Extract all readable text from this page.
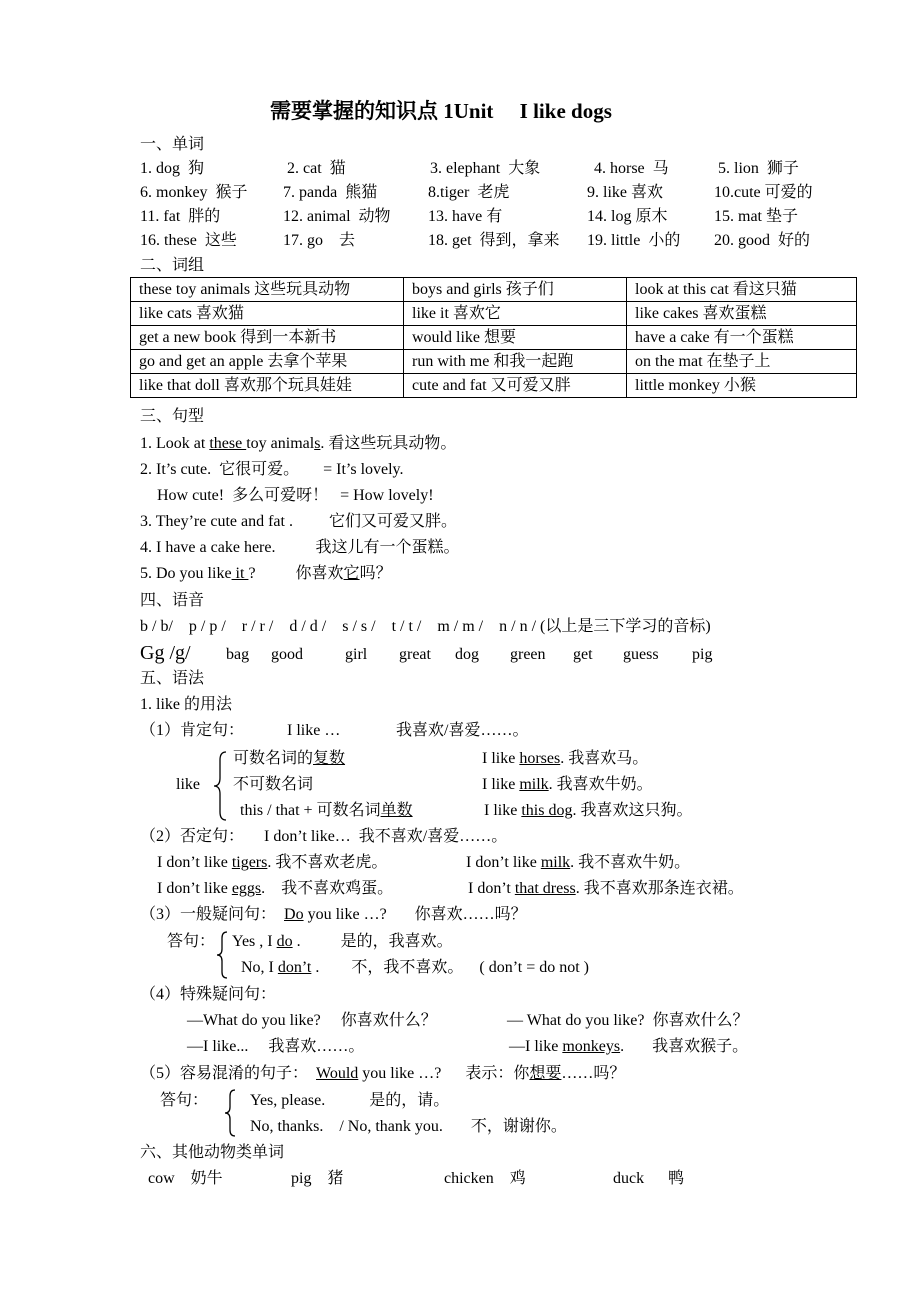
需要掌握的知识点 1Unit　 I like dogs
一、单词
1. dog  狗	2. cat  猫	3. elephant  大象	4. horse  马	5. lion  狮子
6. monkey  猴子 7. panda  熊猫	8.tiger  老虎	9. like 喜欢	10.cute 可爱的
11. fat  胖的	12. animal  动物 13. have 有	14. log 原木	15. mat 垫子
16. these  这些	17. go    去	18. get  得到，拿来 19. little  小的 20. good  好的
二、词组
these toy animals 这些玩具动物	boys and girls 孩子们	look at this cat 看这只猫
like cats 喜欢猫	like it 喜欢它	like cakes 喜欢蛋糕
get a new book 得到一本新书	would like 想要	have a cake 有一个蛋糕
go and get an apple 去拿个苹果	run with me 和我一起跑	on the mat 在垫子上
like that doll 喜欢那个玩具娃娃	cute and fat 又可爱又胖	little monkey 小猴
三、句型
1. Look at these toy animals. 看这些玩具动物。
2. It’s cute.  它很可爱。      = It’s lovely.
How cute!  多么可爱呀！   = How lovely!
3. They’re cute and fat .         它们又可爱又胖。
4. I have a cake here.          我这儿有一个蛋糕。
5. Do you like it ?          你喜欢它吗？
四、语音
b / b/    p / p /    r / r /    d / d /    s / s /    t / t /    m / m /    n / n / (以上是三下学习的音标)
Gg /g/ bag good	girl great dog green get guess pig
五、语法
1. like 的用法
（1）肯定句：	I like …	我喜欢/喜爱……。
like
可数名词的复数	I like horses. 我喜欢马。
不可数名词	I like milk. 我喜欢牛奶。
this / that + 可数名词单数	I like this dog. 我喜欢这只狗。
（2）否定句：     I don’t like…  我不喜欢/喜爱……。
I don’t like tigers. 我不喜欢老虎。	I don’t like milk. 我不喜欢牛奶。
I don’t like eggs.    我不喜欢鸡蛋。	I don’t that dress. 我不喜欢那条连衣裙。
（3）一般疑问句：  Do you like …?       你喜欢……吗？
答句： Yes , I do .          是的，我喜欢。
No, I don’t .        不，我不喜欢。    ( don’t = do not )
（4）特殊疑问句：
—What do you like?     你喜欢什么？	— What do you like?  你喜欢什么？
—I like...     我喜欢……。	—I like monkeys.       我喜欢猴子。
（5）容易混淆的句子：  Would you like …?      表示：你想要……吗？
答句：	Yes, please.           是的，请。
No, thanks.    / No, thank you.       不，谢谢你。
六、其他动物类单词
cow    奶牛	pig    猪	chicken    鸡	duck      鸭
